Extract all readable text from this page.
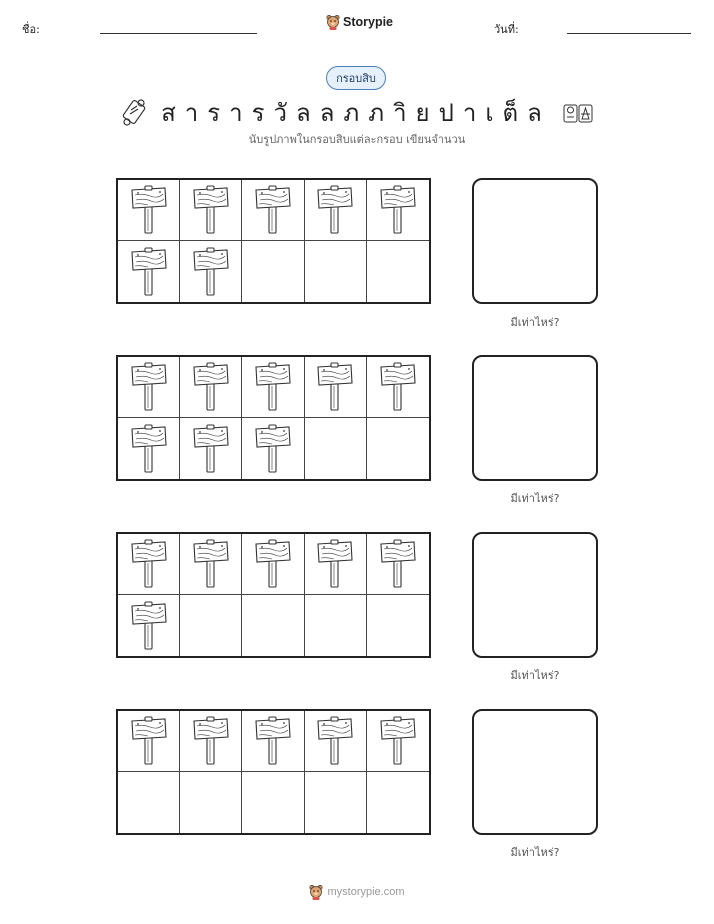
ชื่อ:
Storypie
วันที่:
กรอบสิบ
สารารวัลลภภาิยปาเต็ล
นับรูปภาพในกรอบสิบแต่ละกรอบ เขียนจำนวน
มีเท่าไหร่?
มีเท่าไหร่?
มีเท่าไหร่?
มีเท่าไหร่?
mystorypie.com
